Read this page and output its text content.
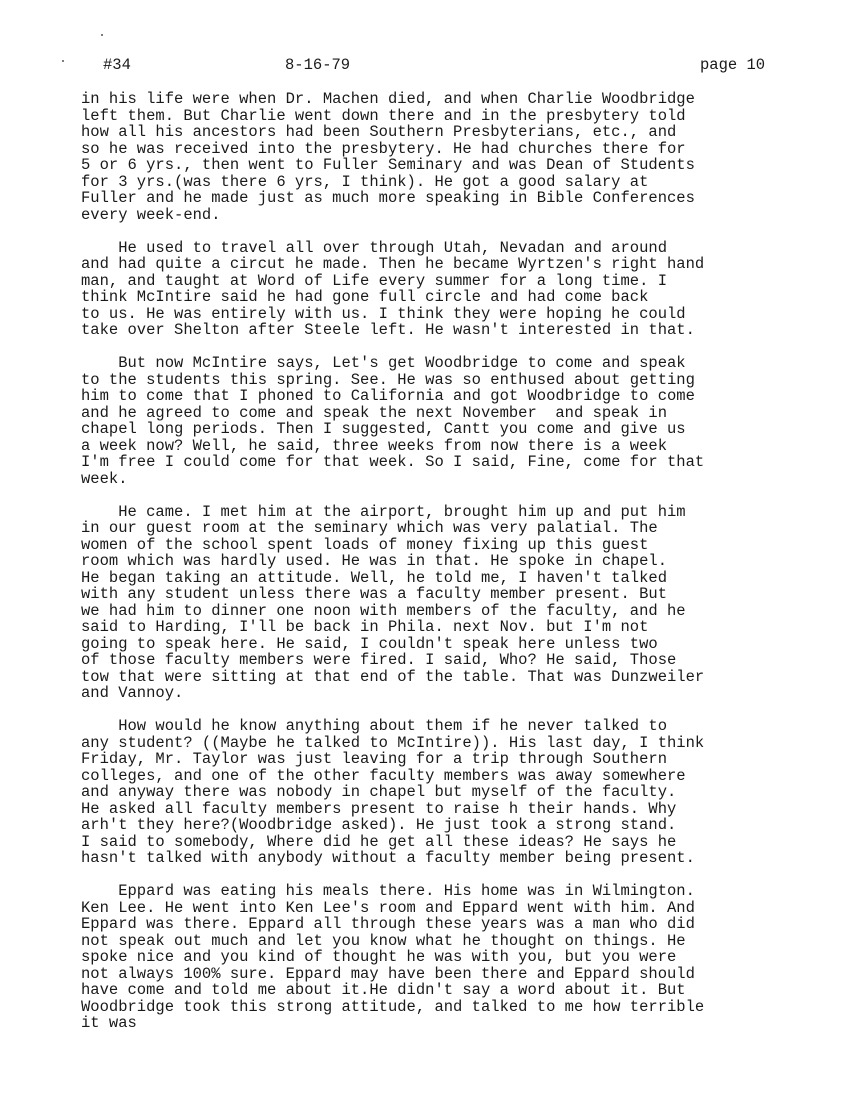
#34	8-16-79	page 10
in his life were when Dr. Machen died, and when Charlie Woodbridge
left them. But Charlie went down there and in the presbytery told
how all his ancestors had been Southern Presbyterians, etc., and
so he was received into the presbytery. He had churches there for
5 or 6 yrs., then went to Fuller Seminary and was Dean of Students
for 3 yrs.(was there 6 yrs, I think). He got a good salary at
Fuller and he made just as much more speaking in Bible Conferences
every week-end.
He used to travel all over through Utah, Nevadan and around
and had quite a circut he made. Then he became Wyrtzen's right hand
man, and taught at Word of Life every summer for a long time. I
think McIntire said he had gone full circle and had come back
to us. He was entirely with us. I think they were hoping he could
take over Shelton after Steele left. He wasn't interested in that.
But now McIntire says, Let's get Woodbridge to come and speak
to the students this spring. See. He was so enthused about getting
him to come that I phoned to California and got Woodbridge to come
and he agreed to come and speak the next November  and speak in
chapel long periods. Then I suggested, Cantt you come and give us
a week now? Well, he said, three weeks from now there is a week
I'm free I could come for that week. So I said, Fine, come for that
week.
He came. I met him at the airport, brought him up and put him
in our guest room at the seminary which was very palatial. The
women of the school spent loads of money fixing up this guest
room which was hardly used. He was in that. He spoke in chapel.
He began taking an attitude. Well, he told me, I haven't talked
with any student unless there was a faculty member present. But
we had him to dinner one noon with members of the faculty, and he
said to Harding, I'll be back in Phila. next Nov. but I'm not
going to speak here. He said, I couldn't speak here unless two
of those faculty members were fired. I said, Who? He said, Those
tow that were sitting at that end of the table. That was Dunzweiler
and Vannoy.
How would he know anything about them if he never talked to
any student? ((Maybe he talked to McIntire)). His last day, I think
Friday, Mr. Taylor was just leaving for a trip through Southern
colleges, and one of the other faculty members was away somewhere
and anyway there was nobody in chapel but myself of the faculty.
He asked all faculty members present to raise h their hands. Why
arh't they here?(Woodbridge asked). He just took a strong stand.
I said to somebody, Where did he get all these ideas? He says he
hasn't talked with anybody without a faculty member being present.
Eppard was eating his meals there. His home was in Wilmington.
Ken Lee. He went into Ken Lee's room and Eppard went with him. And
Eppard was there. Eppard all through these years was a man who did
not speak out much and let you know what he thought on things. He
spoke nice and you kind of thought he was with you, but you were
not always 100% sure. Eppard may have been there and Eppard should
have come and told me about it.He didn't say a word about it. But
Woodbridge took this strong attitude, and talked to me how terrible
it was
